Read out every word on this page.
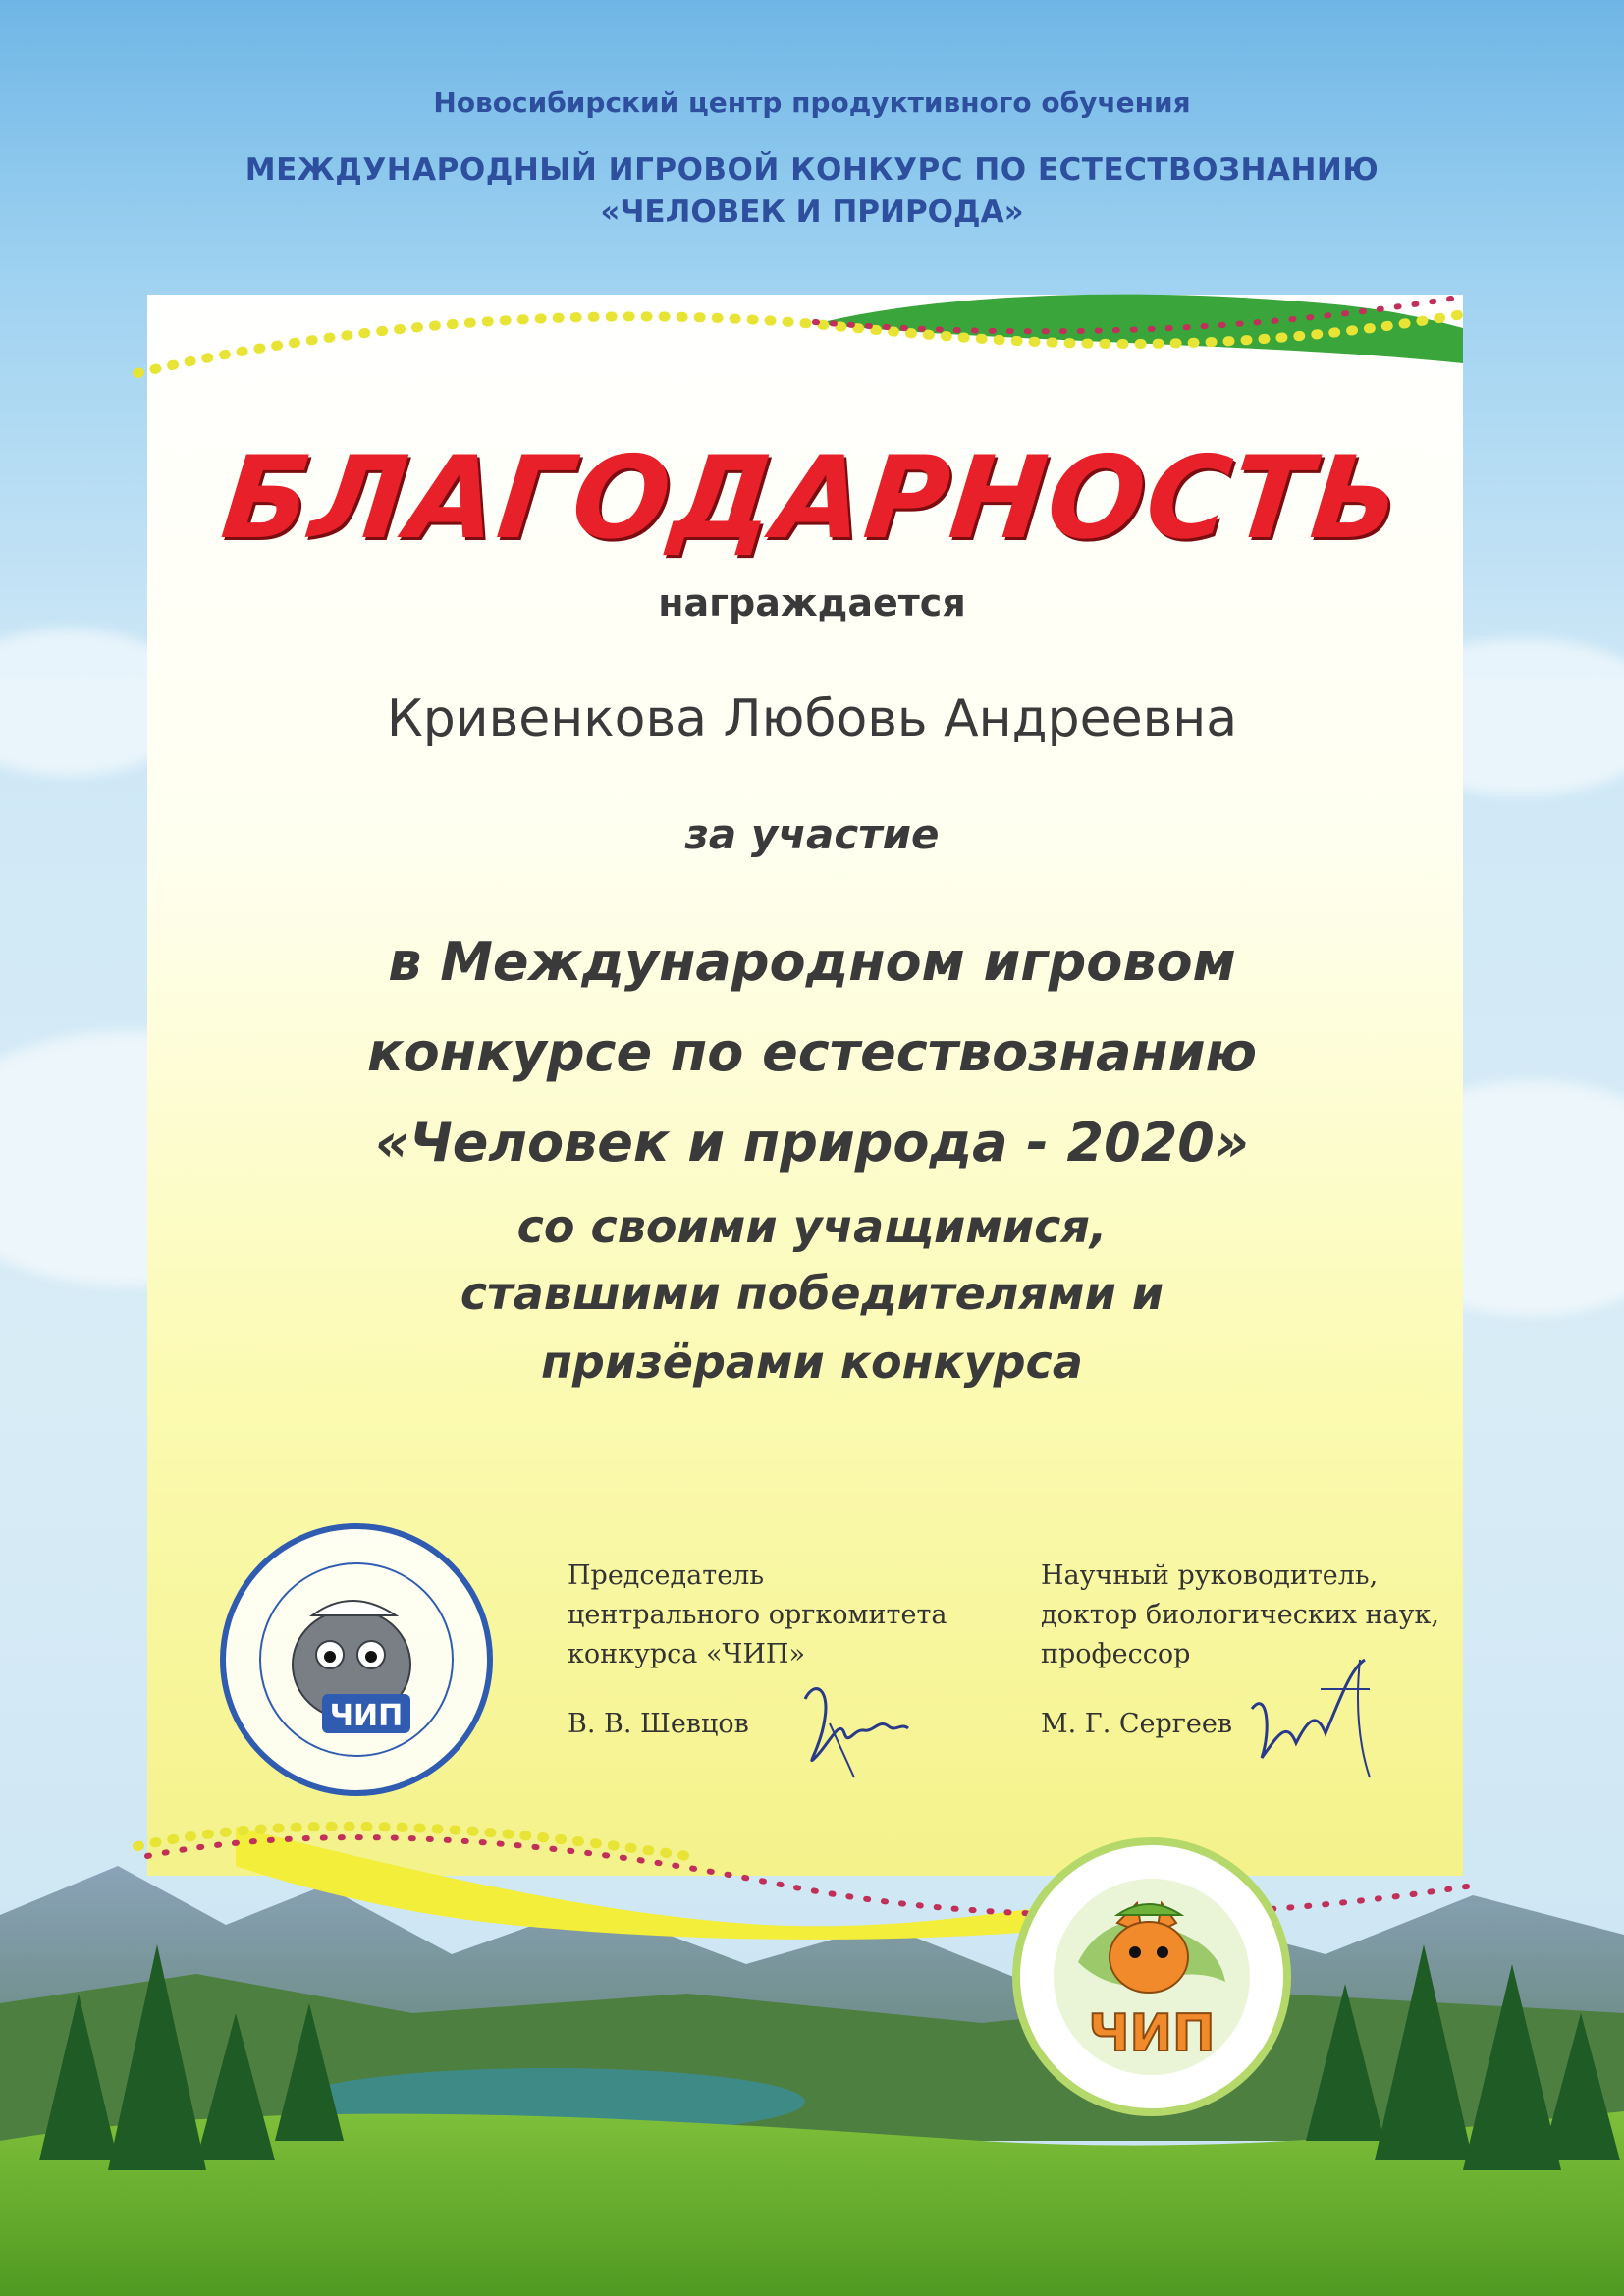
Новосибирский центр продуктивного обучения
МЕЖДУНАРОДНЫЙ ИГРОВОЙ КОНКУРС ПО ЕСТЕСТВОЗНАНИЮ
«ЧЕЛОВЕК И ПРИРОДА»
БЛАГОДАРНОСТЬ
награждается
Кривенкова Любовь Андреевна
за участие
в Международном игровом
конкурсе по естествознанию
«Человек и природа - 2020»
со своими учащимися,
ставшими победителями и
призёрами конкурса
ЧИП
Председатель
центрального оргкомитета
конкурса «ЧИП»
В. В. Шевцов
Научный руководитель,
доктор биологических наук,
профессор
М. Г. Сергеев
ЧИП
